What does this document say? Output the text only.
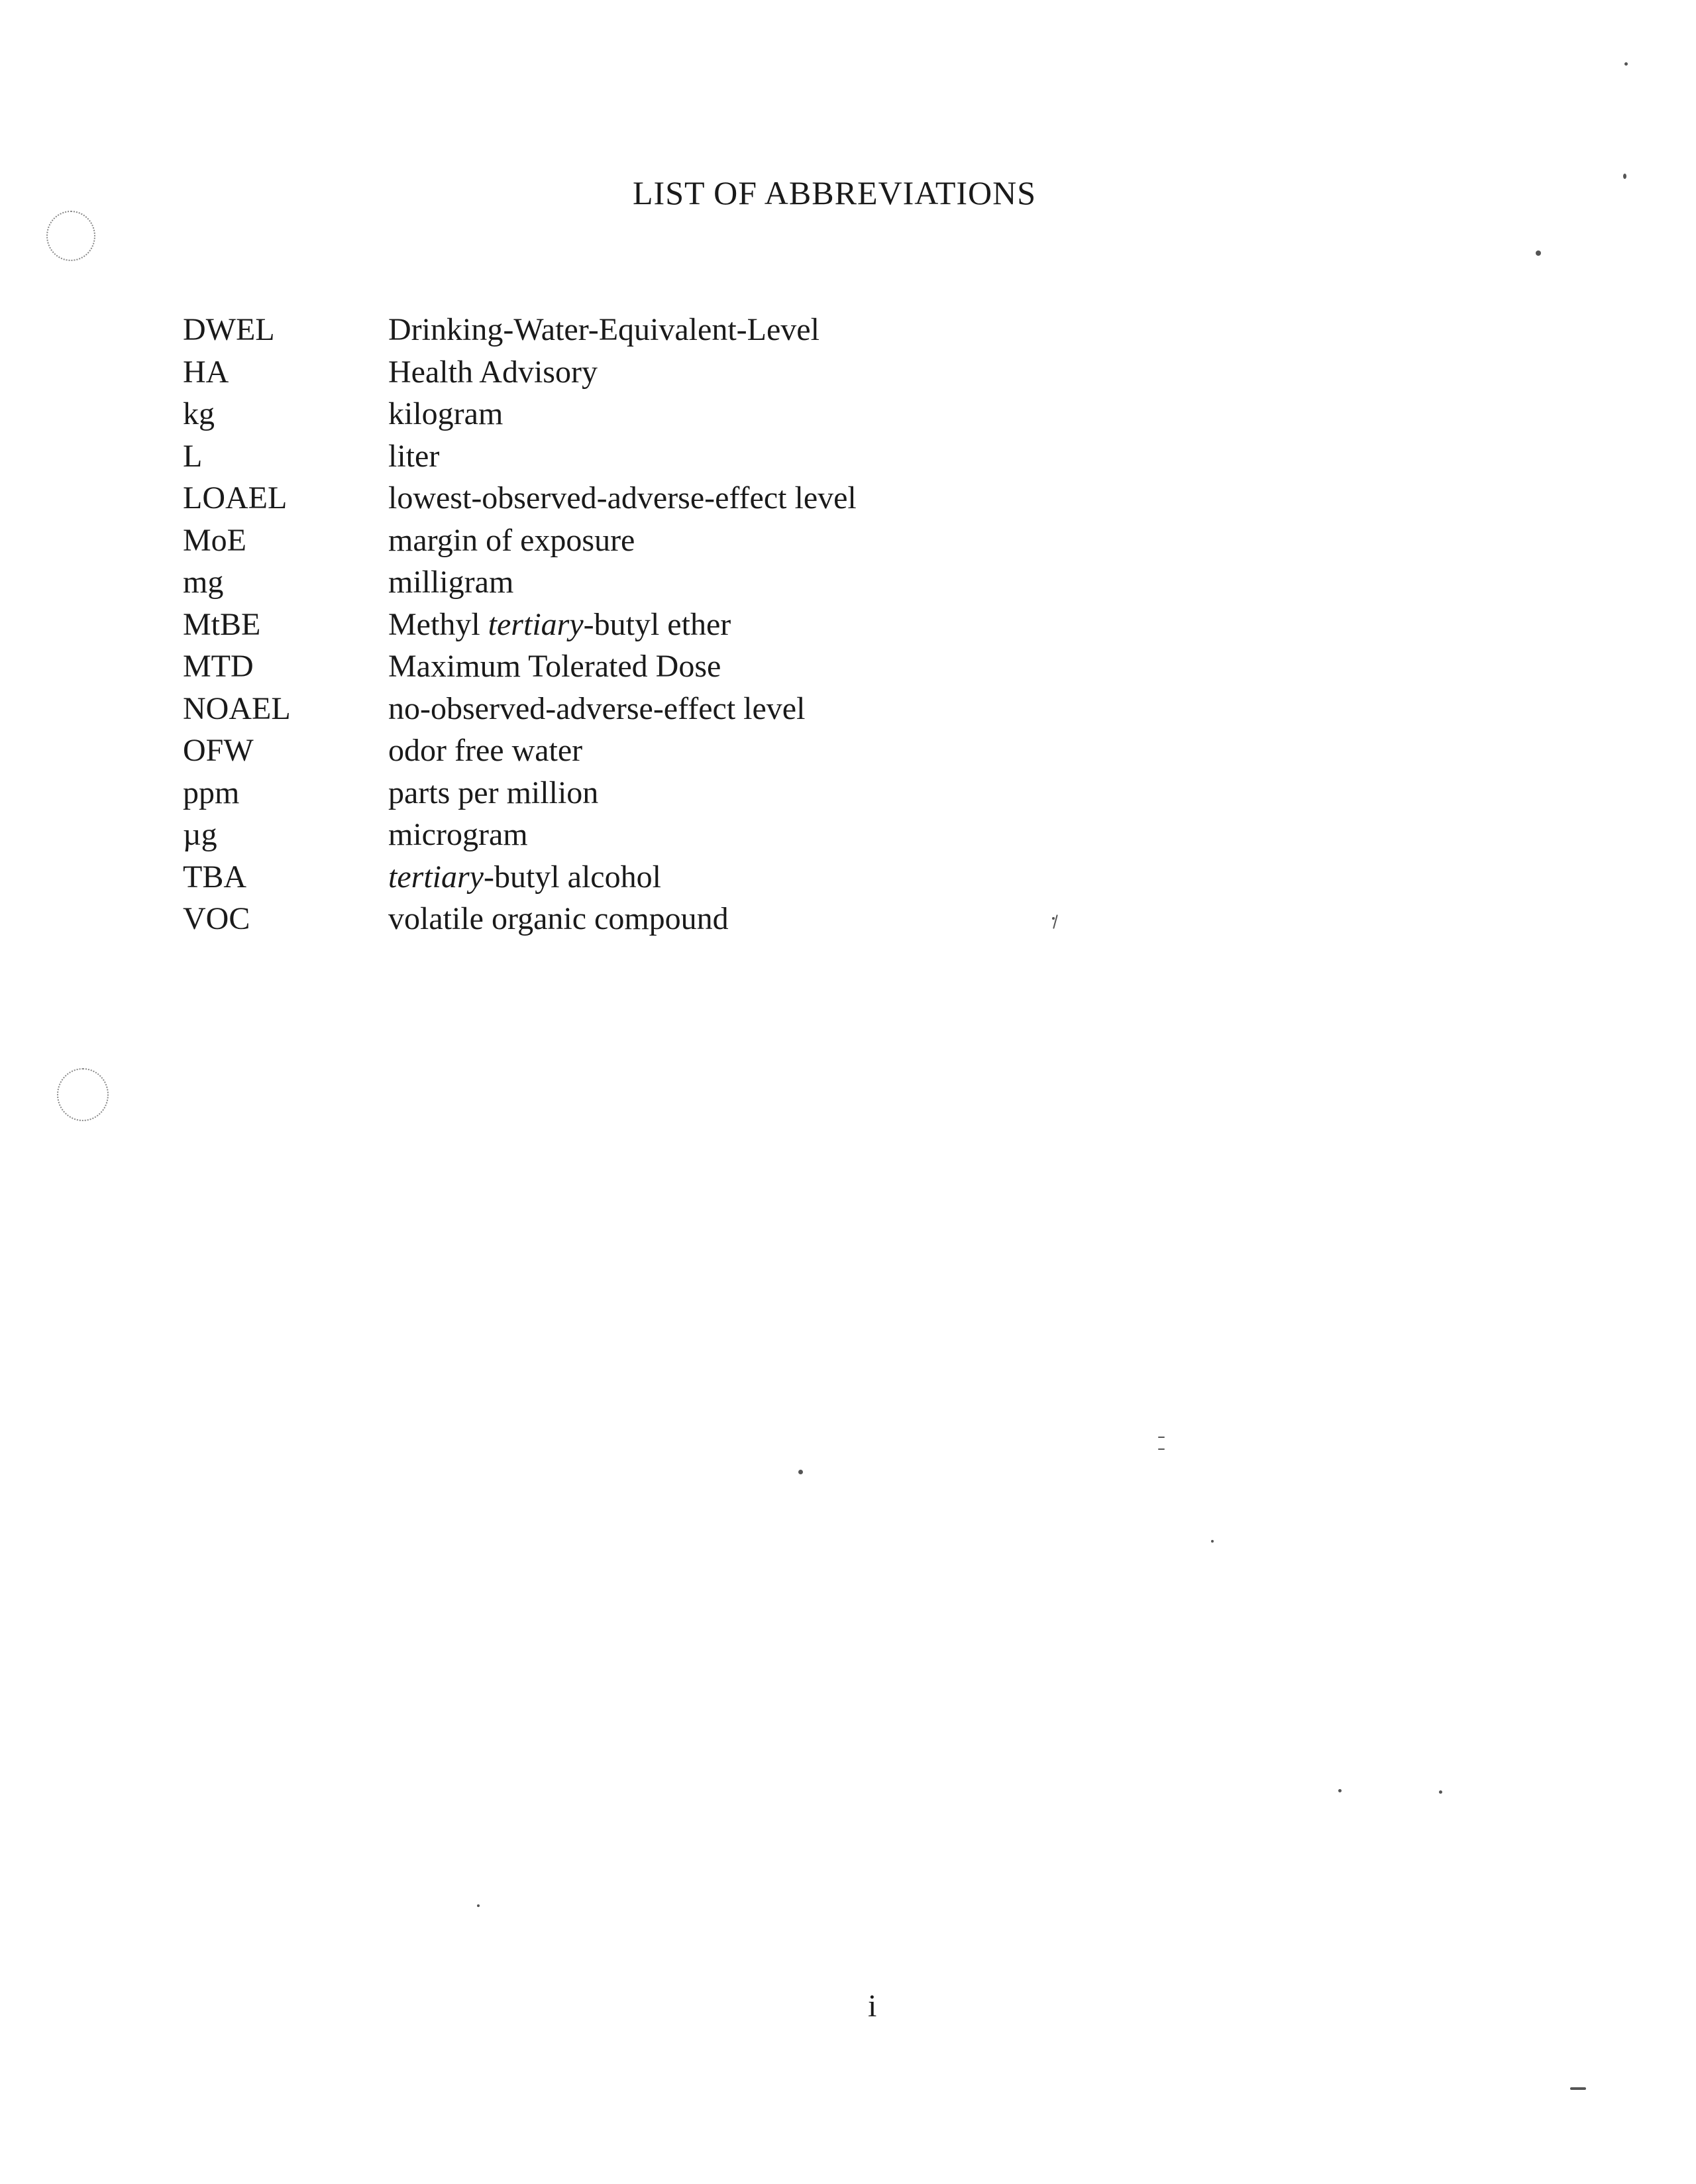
LIST OF ABBREVIATIONS
DWEL	Drinking-Water-Equivalent-Level
HA	Health Advisory
kg	kilogram
L	liter
LOAEL	lowest-observed-adverse-effect level
MoE	margin of exposure
mg	milligram
MtBE	Methyl tertiary-butyl ether
MTD	Maximum Tolerated Dose
NOAEL	no-observed-adverse-effect level
OFW	odor free water
ppm	parts per million
µg	microgram
TBA	tertiary-butyl alcohol
VOC	volatile organic compound
i
